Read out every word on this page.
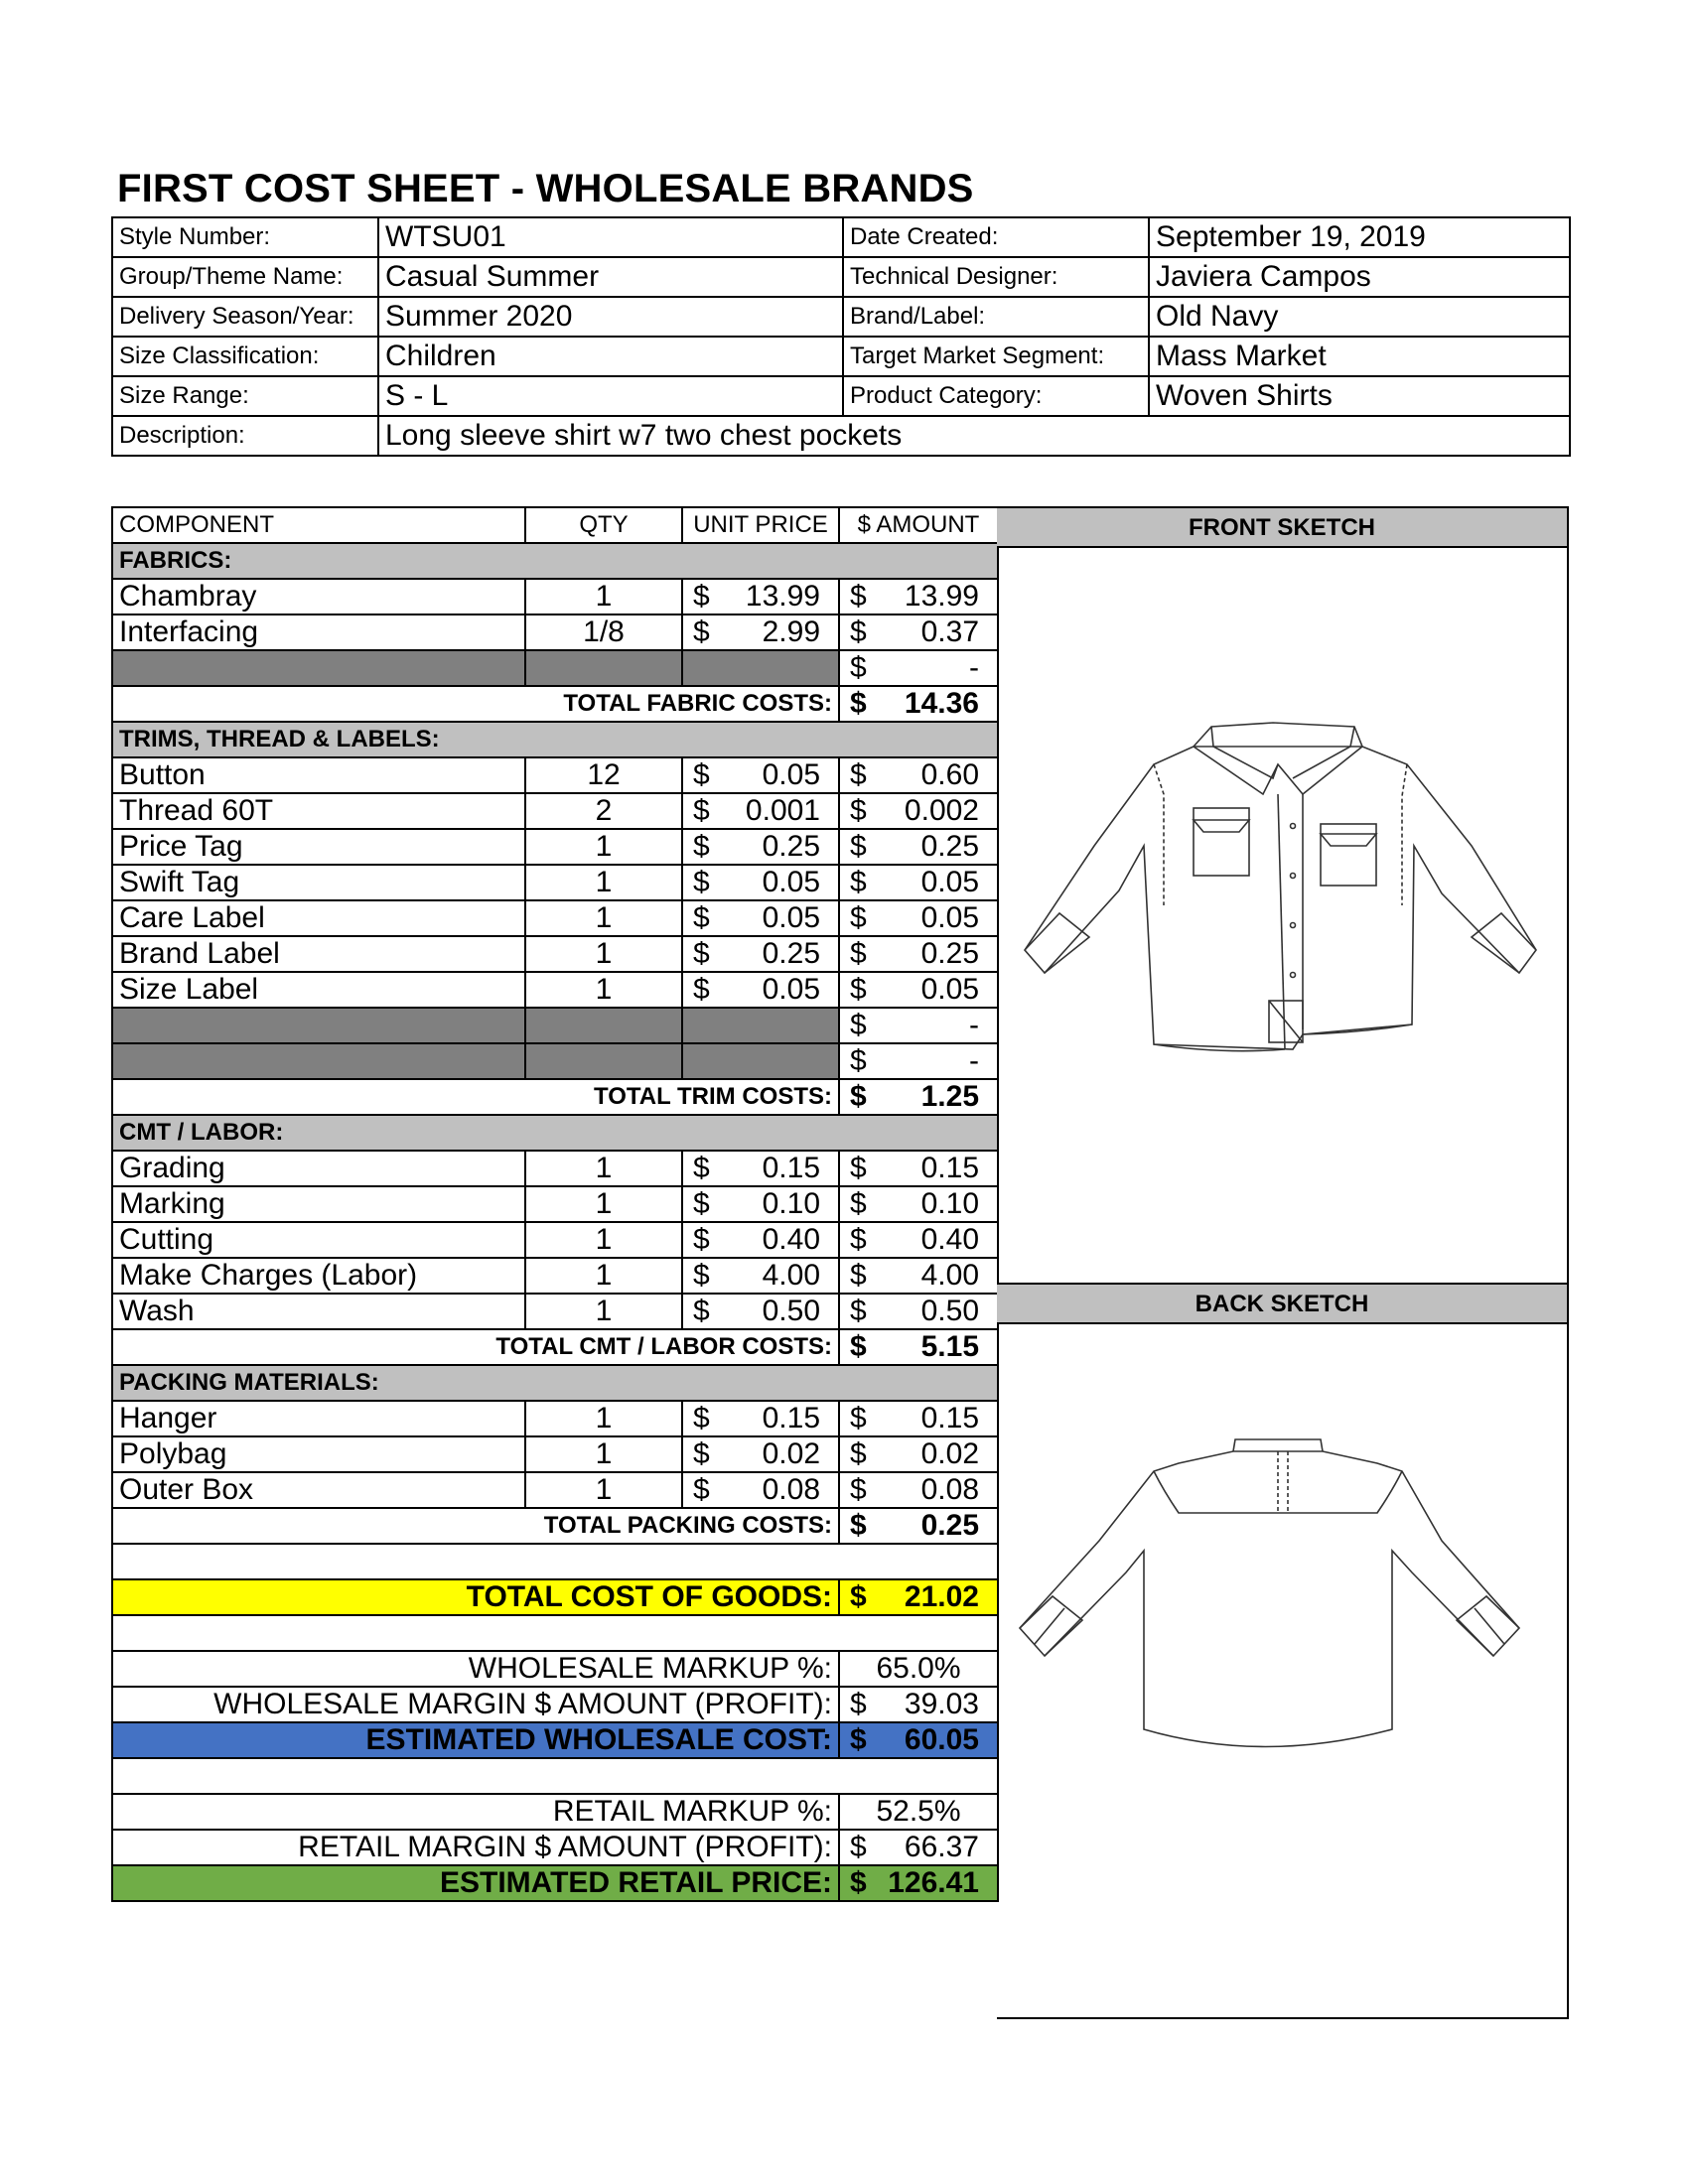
FIRST COST SHEET - WHOLESALE BRANDS
Style Number:	WTSU01	Date Created:	September 19, 2019
Group/Theme Name:	Casual Summer	Technical Designer:	Javiera Campos
Delivery Season/Year:	Summer 2020	Brand/Label:	Old Navy
Size Classification:	Children	Target Market Segment:	Mass Market
Size Range:	S - L	Product Category:	Woven Shirts
Description:	Long sleeve shirt w7 two chest pockets		
COMPONENT	QTY	UNIT PRICE	$ AMOUNT
FABRICS:			
Chambray	1	$ 13.99	$ 13.99

Interfacing	1/8	$ 2.99	$ 0.37

			$ -

TOTAL FABRIC COSTS:			$ 14.36

TRIMS, THREAD & LABELS:			
Button	12	$ 0.05	$ 0.60

Thread 60T	2	$ 0.001	$ 0.002

Price Tag	1	$ 0.25	$ 0.25

Swift Tag	1	$ 0.05	$ 0.05

Care Label	1	$ 0.05	$ 0.05

Brand Label	1	$ 0.25	$ 0.25

Size Label	1	$ 0.05	$ 0.05

			$ -

			$ -

TOTAL TRIM COSTS:			$ 1.25

CMT / LABOR:			
Grading	1	$ 0.15	$ 0.15

Marking	1	$ 0.10	$ 0.10

Cutting	1	$ 0.40	$ 0.40

Make Charges (Labor)	1	$ 4.00	$ 4.00

Wash	1	$ 0.50	$ 0.50

TOTAL CMT / LABOR COSTS:			$ 5.15

PACKING MATERIALS:			
Hanger	1	$ 0.15	$ 0.15

Polybag	1	$ 0.02	$ 0.02

Outer Box	1	$ 0.08	$ 0.08

TOTAL PACKING COSTS:			$ 0.25

TOTAL COST OF GOODS:			$ 21.02

WHOLESALE MARKUP %:			65.0%
WHOLESALE MARGIN $ AMOUNT (PROFIT):			$ 39.03

ESTIMATED WHOLESALE COST:			$ 60.05

RETAIL MARKUP %:			52.5%
RETAIL MARGIN $ AMOUNT (PROFIT):			$ 66.37

ESTIMATED RETAIL PRICE:			$ 126.41
FRONT SKETCH
BACK SKETCH
